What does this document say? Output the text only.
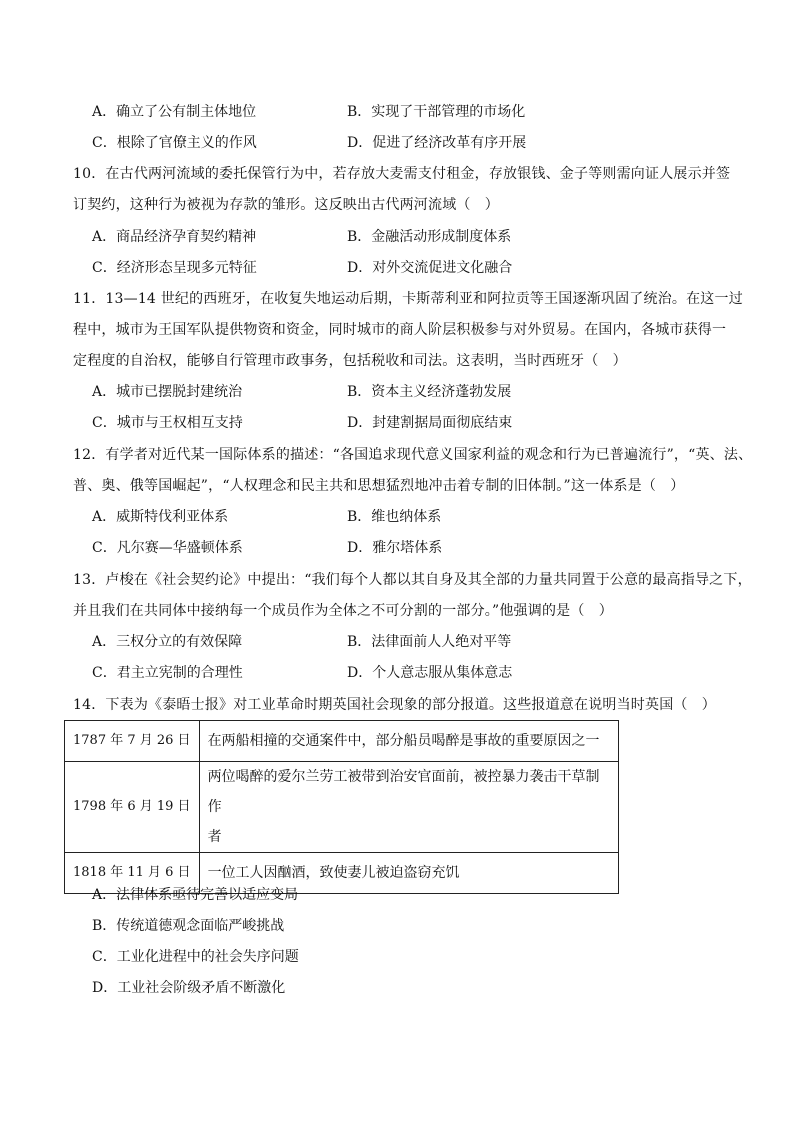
A．确立了公有制主体地位	B．实现了干部管理的市场化
C．根除了官僚主义的作风	D．促进了经济改革有序开展
10．在古代两河流域的委托保管行为中，若存放大麦需支付租金，存放银钱、金子等则需向证人展示并签
订契约，这种行为被视为存款的雏形。这反映出古代两河流域（　）
A．商品经济孕育契约精神	B．金融活动形成制度体系
C．经济形态呈现多元特征	D．对外交流促进文化融合
11．13—14 世纪的西班牙，在收复失地运动后期，卡斯蒂利亚和阿拉贡等王国逐渐巩固了统治。在这一过
程中，城市为王国军队提供物资和资金，同时城市的商人阶层积极参与对外贸易。在国内，各城市获得一
定程度的自治权，能够自行管理市政事务，包括税收和司法。这表明，当时西班牙（　）
A．城市已摆脱封建统治	B．资本主义经济蓬勃发展
C．城市与王权相互支持	D．封建割据局面彻底结束
12．有学者对近代某一国际体系的描述：“各国追求现代意义国家利益的观念和行为已普遍流行”，“英、法、
普、奥、俄等国崛起”，“人权理念和民主共和思想猛烈地冲击着专制的旧体制。”这一体系是（　）
A．威斯特伐利亚体系	B．维也纳体系
C．凡尔赛—华盛顿体系	D．雅尔塔体系
13．卢梭在《社会契约论》中提出：“我们每个人都以其自身及其全部的力量共同置于公意的最高指导之下，
并且我们在共同体中接纳每一个成员作为全体之不可分割的一部分。”他强调的是（　）
A．三权分立的有效保障	B．法律面前人人绝对平等
C．君主立宪制的合理性	D．个人意志服从集体意志
14．下表为《泰晤士报》对工业革命时期英国社会现象的部分报道。这些报道意在说明当时英国（　）
1787 年 7 月 26 日	在两船相撞的交通案件中，部分船员喝醉是事故的重要原因之一
1798 年 6 月 19 日	两位喝醉的爱尔兰劳工被带到治安官面前，被控暴力袭击干草制作
者

1818 年 11 月 6 日	一位工人因酗酒，致使妻儿被迫盗窃充饥
A．法律体系亟待完善以适应变局
B．传统道德观念面临严峻挑战
C．工业化进程中的社会失序问题
D．工业社会阶级矛盾不断激化
